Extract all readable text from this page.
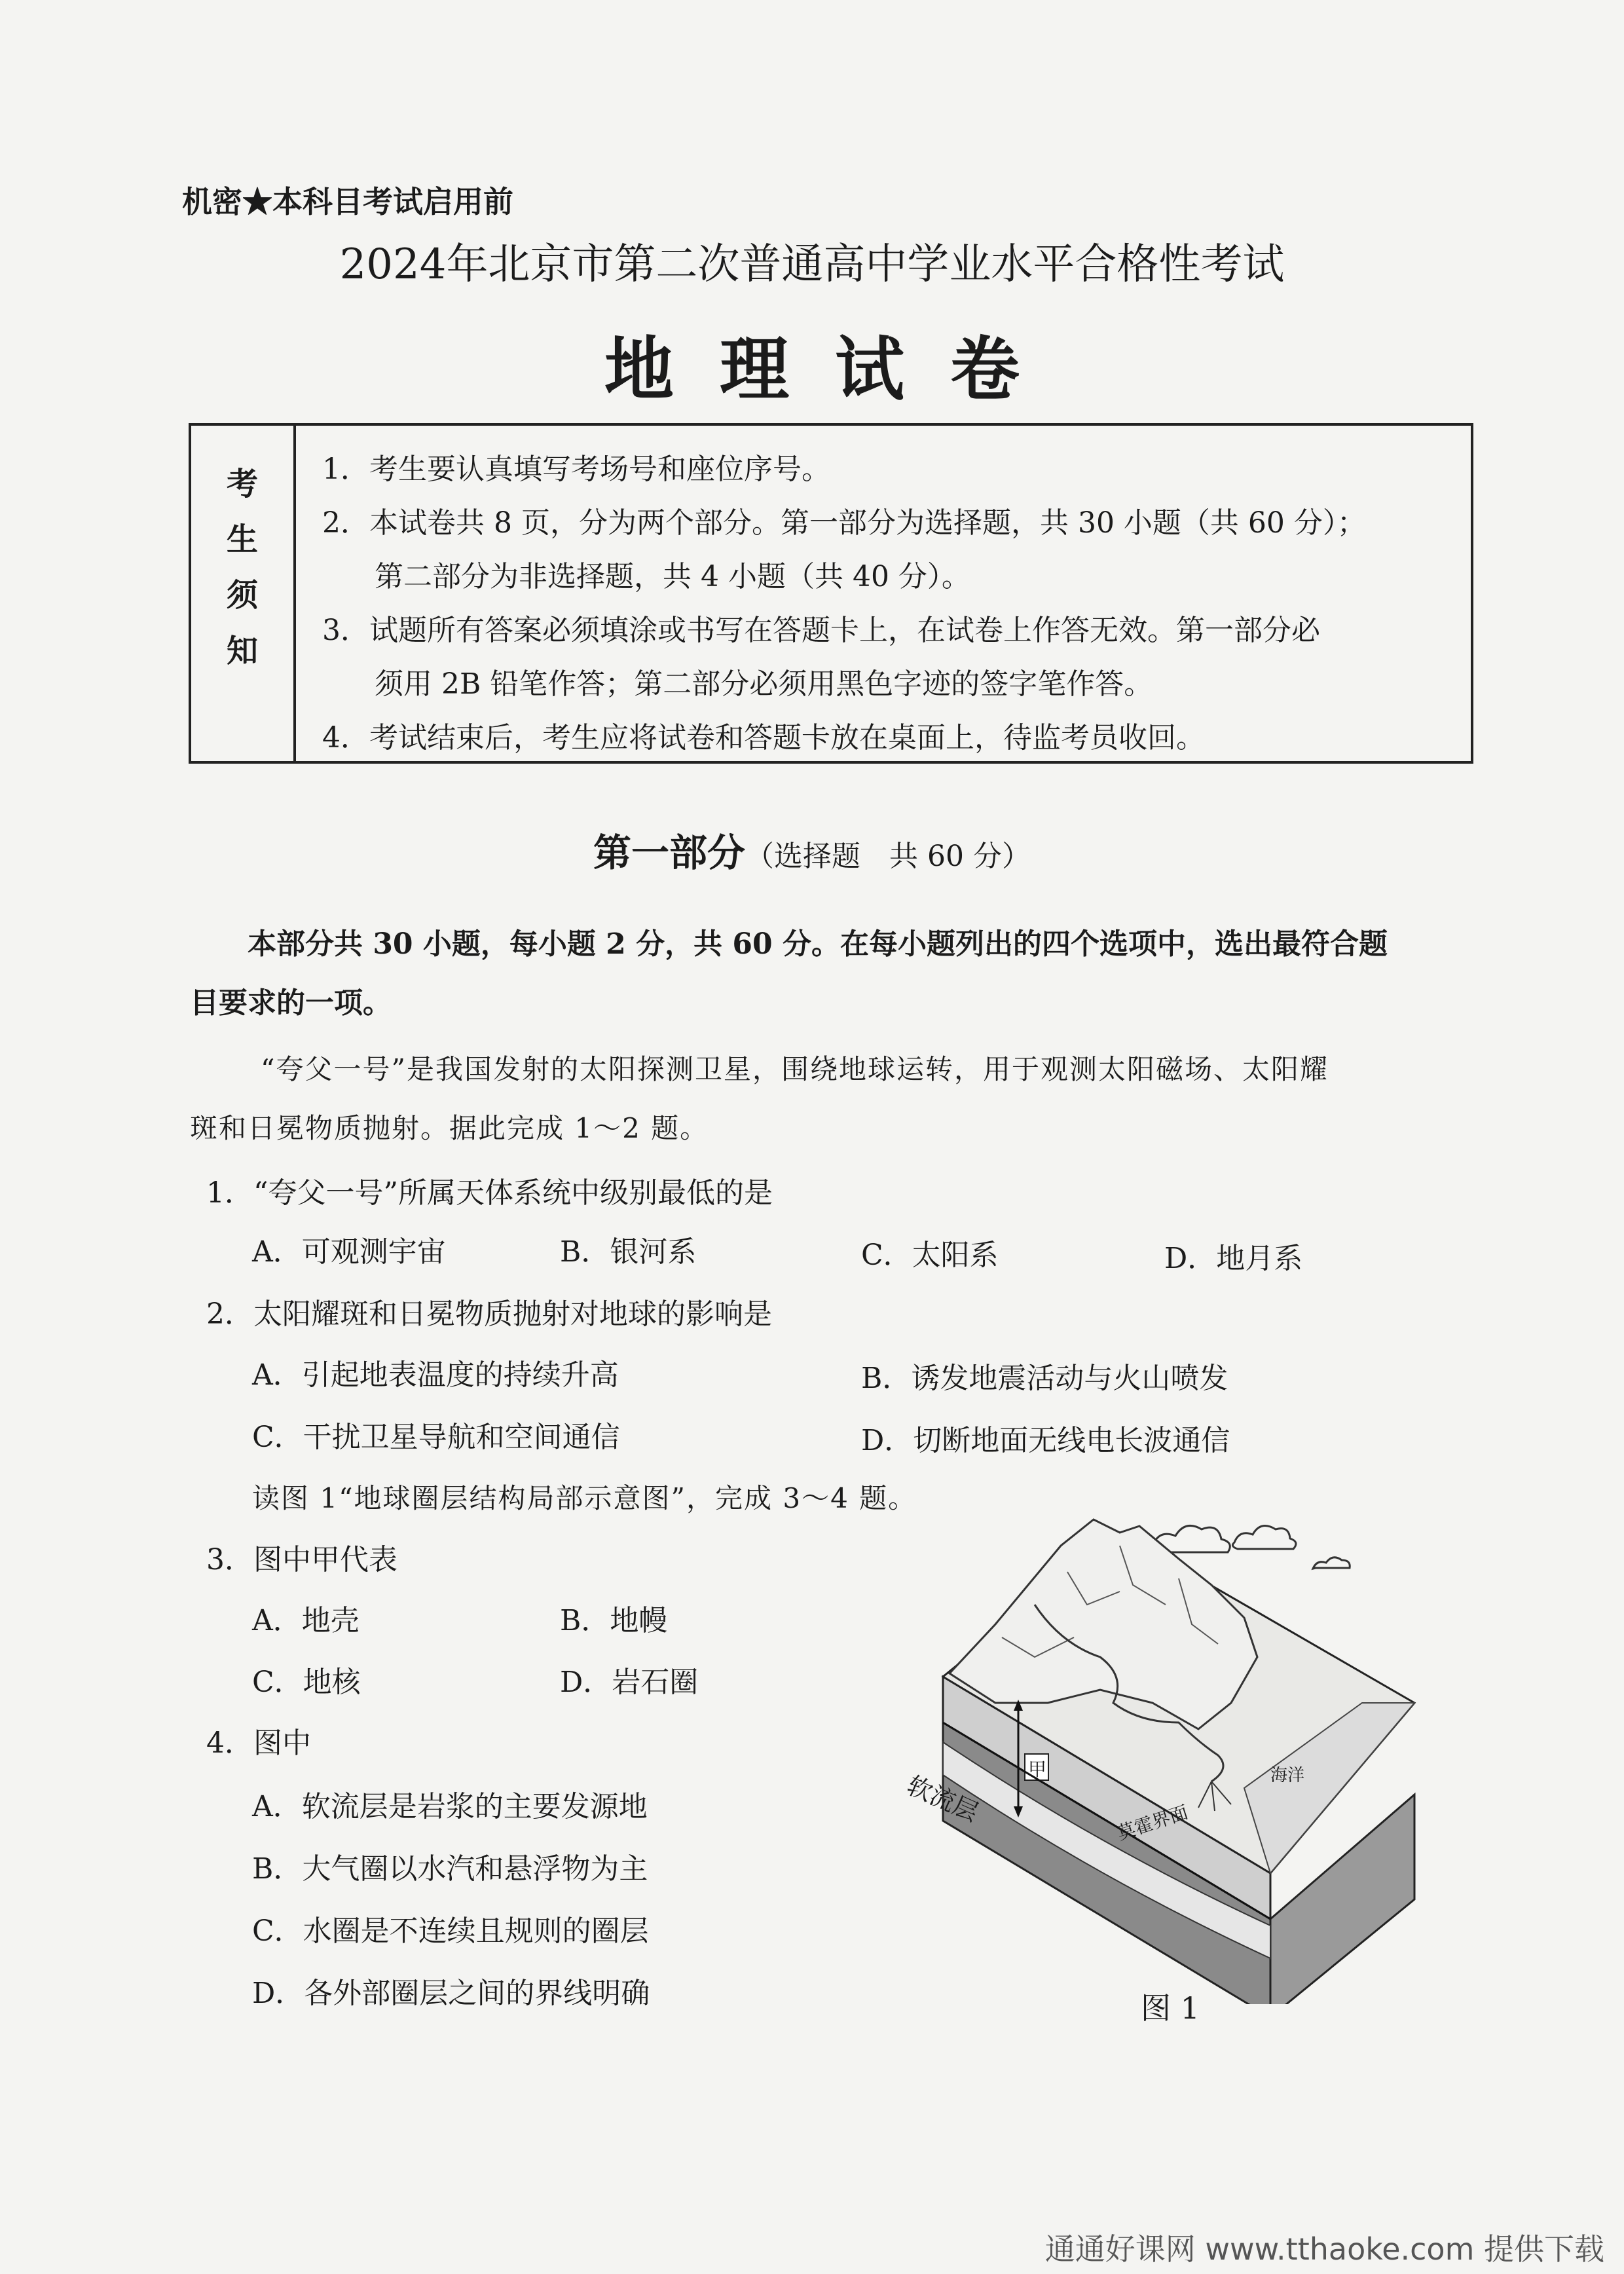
机密★本科目考试启用前
2024年北京市第二次普通高中学业水平合格性考试
地理试卷
考
生
须
知
1．考生要认真填写考场号和座位序号。
2．本试卷共 8 页，分为两个部分。第一部分为选择题，共 30 小题（共 60 分）；
第二部分为非选择题，共 4 小题（共 40 分）。
3．试题所有答案必须填涂或书写在答题卡上，在试卷上作答无效。第一部分必
须用 2B 铅笔作答；第二部分必须用黑色字迹的签字笔作答。
4．考试结束后，考生应将试卷和答题卡放在桌面上，待监考员收回。
第一部分（选择题　共 60 分）
本部分共 30 小题，每小题 2 分，共 60 分。在每小题列出的四个选项中，选出最符合题
目要求的一项。
“夸父一号”是我国发射的太阳探测卫星，围绕地球运转，用于观测太阳磁场、太阳耀
斑和日冕物质抛射。据此完成 1～2 题。
1．“夸父一号”所属天体系统中级别最低的是
A．可观测宇宙	B．银河系	C．太阳系	D．地月系
2．太阳耀斑和日冕物质抛射对地球的影响是
A．引起地表温度的持续升高	B．诱发地震活动与火山喷发
C．干扰卫星导航和空间通信	D．切断地面无线电长波通信
读图 1“地球圈层结构局部示意图”，完成 3～4 题。
3．图中甲代表
A．地壳	B．地幔
C．地核	D．岩石圈
4．图中
A．软流层是岩浆的主要发源地
B．大气圈以水汽和悬浮物为主
C．水圈是不连续且规则的圈层
D．各外部圈层之间的界线明确
甲
软流层	莫霍界面
海洋
图 1
通通好课网 www.tthaoke.com 提供下载
